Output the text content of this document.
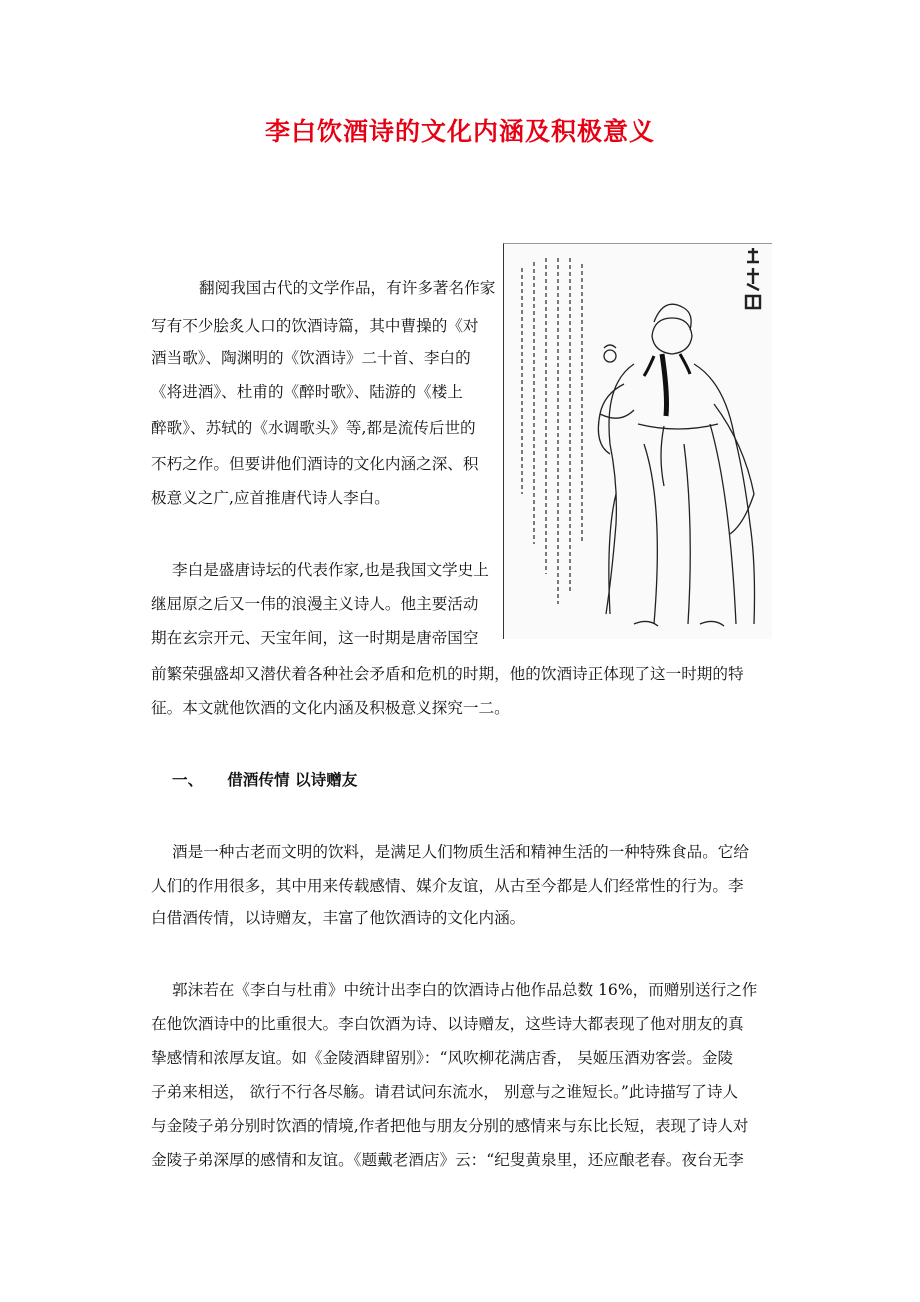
李白饮酒诗的文化内涵及积极意义
翻阅我国古代的文学作品，有许多著名作家
写有不少脍炙人口的饮酒诗篇，其中曹操的《对
酒当歌》、陶渊明的《饮酒诗》二十首、李白的
《将进酒》、杜甫的《醉时歌》、陆游的《楼上
醉歌》、苏轼的《水调歌头》等,都是流传后世的
不朽之作。但要讲他们酒诗的文化内涵之深、积
极意义之广,应首推唐代诗人李白。
李白是盛唐诗坛的代表作家,也是我国文学史上
继屈原之后又一伟的浪漫主义诗人。他主要活动
期在玄宗开元、天宝年间，这一时期是唐帝国空
前繁荣强盛却又潜伏着各种社会矛盾和危机的时期，他的饮酒诗正体现了这一时期的特
征。本文就他饮酒的文化内涵及积极意义探究一二。
一、 借酒传情 以诗赠友
酒是一种古老而文明的饮料，是满足人们物质生活和精神生活的一种特殊食品。它给
人们的作用很多，其中用来传载感情、媒介友谊，从古至今都是人们经常性的行为。李
白借酒传情，以诗赠友，丰富了他饮酒诗的文化内涵。
郭沫若在《李白与杜甫》中统计出李白的饮酒诗占他作品总数 16%，而赠别送行之作
在他饮酒诗中的比重很大。李白饮酒为诗、以诗赠友，这些诗大都表现了他对朋友的真
挚感情和浓厚友谊。如《金陵酒肆留别》：“风吹柳花满店香， 吴姬压酒劝客尝。金陵
子弟来相送， 欲行不行各尽觞。请君试问东流水， 别意与之谁短长。”此诗描写了诗人
与金陵子弟分别时饮酒的情境,作者把他与朋友分别的感情来与东比长短，表现了诗人对
金陵子弟深厚的感情和友谊。《题戴老酒店》云：“纪叟黄泉里，还应酿老春。夜台无李
